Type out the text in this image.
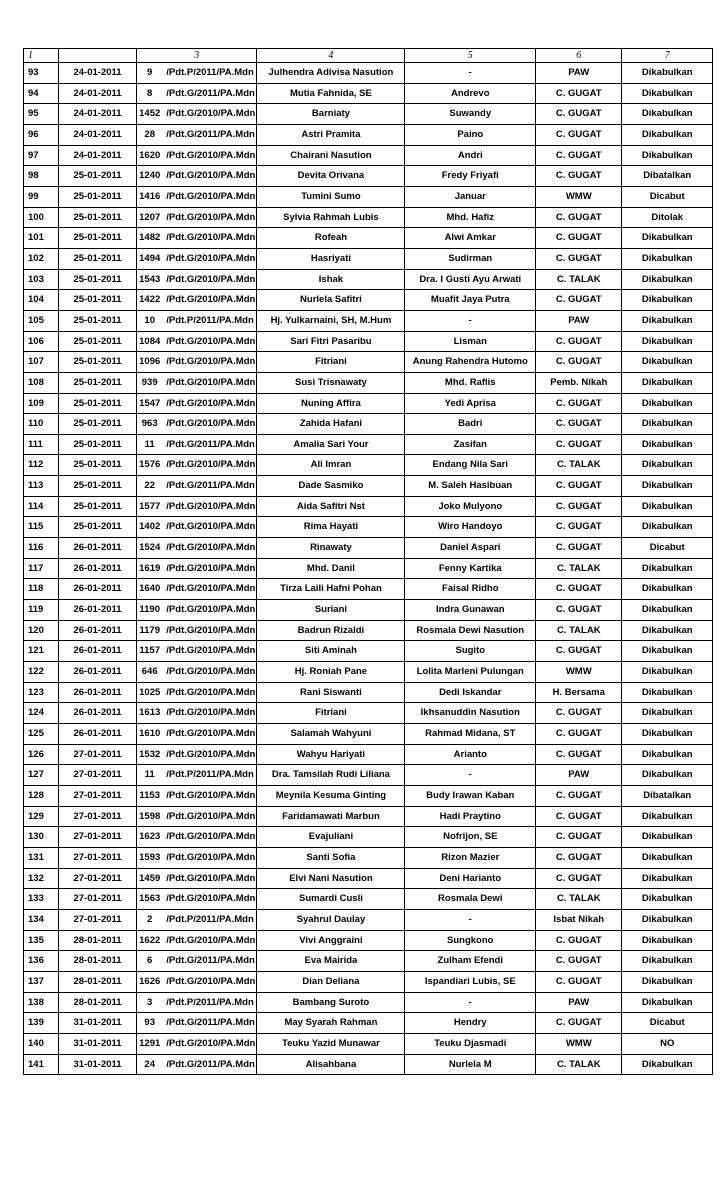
1		3		4	5	6	7
93	24-01-2011	9	/Pdt.P/2011/PA.Mdn	Julhendra Adivisa Nasution	-	PAW	Dikabulkan
94	24-01-2011	8	/Pdt.G/2011/PA.Mdn	Mutia Fahnida, SE	Andrevo	C. GUGAT	Dikabulkan
95	24-01-2011	1452	/Pdt.G/2010/PA.Mdn	Barniaty	Suwandy	C. GUGAT	Dikabulkan
96	24-01-2011	28	/Pdt.G/2011/PA.Mdn	Astri Pramita	Paino	C. GUGAT	Dikabulkan
97	24-01-2011	1620	/Pdt.G/2010/PA.Mdn	Chairani Nasution	Andri	C. GUGAT	Dikabulkan
98	25-01-2011	1240	/Pdt.G/2010/PA.Mdn	Devita Orivana	Fredy Friyafi	C. GUGAT	Dibatalkan
99	25-01-2011	1416	/Pdt.G/2010/PA.Mdn	Tumini Sumo	Januar	WMW	Dicabut
100	25-01-2011	1207	/Pdt.G/2010/PA.Mdn	Sylvia Rahmah Lubis	Mhd. Hafiz	C. GUGAT	Ditolak
101	25-01-2011	1482	/Pdt.G/2010/PA.Mdn	Rofeah	Alwi Amkar	C. GUGAT	Dikabulkan
102	25-01-2011	1494	/Pdt.G/2010/PA.Mdn	Hasriyati	Sudirman	C. GUGAT	Dikabulkan
103	25-01-2011	1543	/Pdt.G/2010/PA.Mdn	Ishak	Dra. I Gusti Ayu Arwati	C. TALAK	Dikabulkan
104	25-01-2011	1422	/Pdt.G/2010/PA.Mdn	Nurlela Safitri	Muafit Jaya Putra	C. GUGAT	Dikabulkan
105	25-01-2011	10	/Pdt.P/2011/PA.Mdn	Hj. Yulkarnaini, SH, M.Hum	-	PAW	Dikabulkan
106	25-01-2011	1084	/Pdt.G/2010/PA.Mdn	Sari Fitri Pasaribu	Lisman	C. GUGAT	Dikabulkan
107	25-01-2011	1096	/Pdt.G/2010/PA.Mdn	Fitriani	Anung Rahendra Hutomo	C. GUGAT	Dikabulkan
108	25-01-2011	939	/Pdt.G/2010/PA.Mdn	Susi Trisnawaty	Mhd. Raflis	Pemb. Nikah	Dikabulkan
109	25-01-2011	1547	/Pdt.G/2010/PA.Mdn	Nuning Affira	Yedi Aprisa	C. GUGAT	Dikabulkan
110	25-01-2011	963	/Pdt.G/2010/PA.Mdn	Zahida Hafani	Badri	C. GUGAT	Dikabulkan
111	25-01-2011	11	/Pdt.G/2011/PA.Mdn	Amalia Sari Your	Zasifan	C. GUGAT	Dikabulkan
112	25-01-2011	1576	/Pdt.G/2010/PA.Mdn	Ali Imran	Endang Nila Sari	C. TALAK	Dikabulkan
113	25-01-2011	22	/Pdt.G/2011/PA.Mdn	Dade Sasmiko	M. Saleh Hasibuan	C. GUGAT	Dikabulkan
114	25-01-2011	1577	/Pdt.G/2010/PA.Mdn	Aida Safitri Nst	Joko Mulyono	C. GUGAT	Dikabulkan
115	25-01-2011	1402	/Pdt.G/2010/PA.Mdn	Rima Hayati	Wiro Handoyo	C. GUGAT	Dikabulkan
116	26-01-2011	1524	/Pdt.G/2010/PA.Mdn	Rinawaty	Daniel Aspari	C. GUGAT	Dicabut
117	26-01-2011	1619	/Pdt.G/2010/PA.Mdn	Mhd. Danil	Fenny Kartika	C. TALAK	Dikabulkan
118	26-01-2011	1640	/Pdt.G/2010/PA.Mdn	Tirza Laili Hafni Pohan	Faisal Ridho	C. GUGAT	Dikabulkan
119	26-01-2011	1190	/Pdt.G/2010/PA.Mdn	Suriani	Indra Gunawan	C. GUGAT	Dikabulkan
120	26-01-2011	1179	/Pdt.G/2010/PA.Mdn	Badrun Rizaldi	Rosmala Dewi Nasution	C. TALAK	Dikabulkan
121	26-01-2011	1157	/Pdt.G/2010/PA.Mdn	Siti Aminah	Sugito	C. GUGAT	Dikabulkan
122	26-01-2011	646	/Pdt.G/2010/PA.Mdn	Hj. Roniah Pane	Lolita Marleni Pulungan	WMW	Dikabulkan
123	26-01-2011	1025	/Pdt.G/2010/PA.Mdn	Rani Siswanti	Dedi Iskandar	H. Bersama	Dikabulkan
124	26-01-2011	1613	/Pdt.G/2010/PA.Mdn	Fitriani	Ikhsanuddin Nasution	C. GUGAT	Dikabulkan
125	26-01-2011	1610	/Pdt.G/2010/PA.Mdn	Salamah Wahyuni	Rahmad Midana, ST	C. GUGAT	Dikabulkan
126	27-01-2011	1532	/Pdt.G/2010/PA.Mdn	Wahyu Hariyati	Arianto	C. GUGAT	Dikabulkan
127	27-01-2011	11	/Pdt.P/2011/PA.Mdn	Dra. Tamsilah Rudi Liliana	-	PAW	Dikabulkan
128	27-01-2011	1153	/Pdt.G/2010/PA.Mdn	Meynila Kesuma Ginting	Budy Irawan Kaban	C. GUGAT	Dibatalkan
129	27-01-2011	1598	/Pdt.G/2010/PA.Mdn	Faridamawati Marbun	Hadi Praytino	C. GUGAT	Dikabulkan
130	27-01-2011	1623	/Pdt.G/2010/PA.Mdn	Evajuliani	Nofrijon, SE	C. GUGAT	Dikabulkan
131	27-01-2011	1593	/Pdt.G/2010/PA.Mdn	Santi Sofia	Rizon Mazier	C. GUGAT	Dikabulkan
132	27-01-2011	1459	/Pdt.G/2010/PA.Mdn	Elvi Nani Nasution	Deni Harianto	C. GUGAT	Dikabulkan
133	27-01-2011	1563	/Pdt.G/2010/PA.Mdn	Sumardi Cusli	Rosmala Dewi	C. TALAK	Dikabulkan
134	27-01-2011	2	/Pdt.P/2011/PA.Mdn	Syahrul Daulay	-	Isbat Nikah	Dikabulkan
135	28-01-2011	1622	/Pdt.G/2010/PA.Mdn	Vivi Anggraini	Sungkono	C. GUGAT	Dikabulkan
136	28-01-2011	6	/Pdt.G/2011/PA.Mdn	Eva Mairida	Zulham Efendi	C. GUGAT	Dikabulkan
137	28-01-2011	1626	/Pdt.G/2010/PA.Mdn	Dian Deliana	Ispandiari Lubis, SE	C. GUGAT	Dikabulkan
138	28-01-2011	3	/Pdt.P/2011/PA.Mdn	Bambang Suroto	-	PAW	Dikabulkan
139	31-01-2011	93	/Pdt.G/2011/PA.Mdn	May Syarah Rahman	Hendry	C. GUGAT	Dicabut
140	31-01-2011	1291	/Pdt.G/2010/PA.Mdn	Teuku Yazid Munawar	Teuku Djasmadi	WMW	NO
141	31-01-2011	24	/Pdt.G/2011/PA.Mdn	Alisahbana	Nurlela M	C. TALAK	Dikabulkan
